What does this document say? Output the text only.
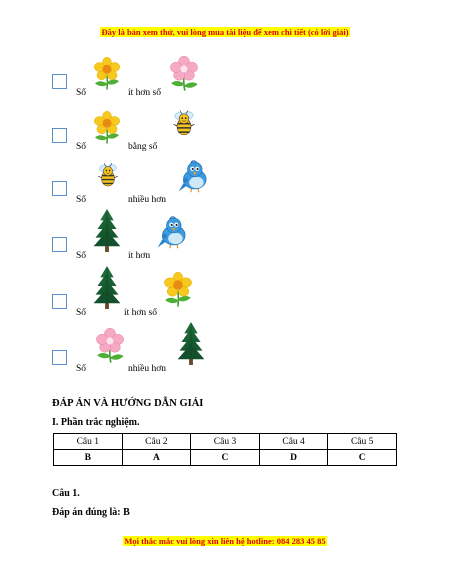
Đây là bản xem thử, vui lòng mua tài liệu để xem chi tiết (có lời giải)
Số	ít hơn số
Số	bằng số
Số	nhiều hơn
Số	ít hơn
Số	ít hơn số
Số	nhiều hơn
ĐÁP ÁN VÀ HƯỚNG DẪN GIẢI
I. Phần trắc nghiệm.
Câu 1	Câu 2	Câu 3	Câu 4	Câu 5
B	A	C	D	C
Câu 1.
Đáp án đúng là: B
Mọi thắc mắc vui lòng xin liên hệ hotline: 084 283 45 85
